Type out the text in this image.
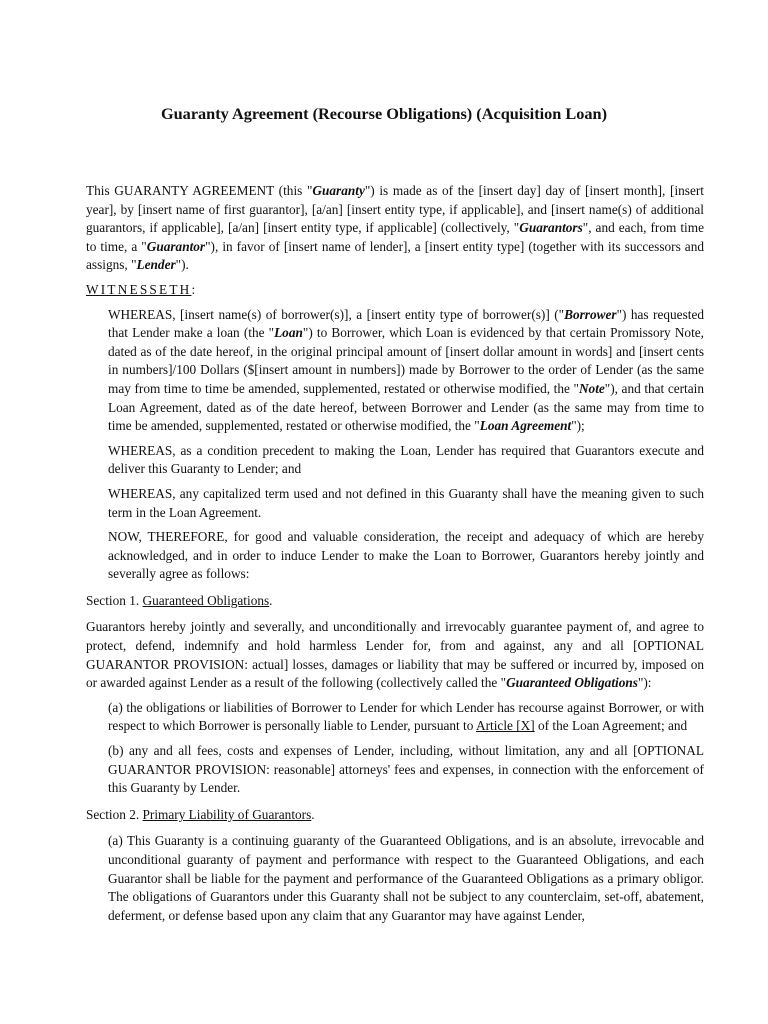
Guaranty Agreement (Recourse Obligations) (Acquisition Loan)

This GUARANTY AGREEMENT (this "Guaranty") is made as of the [insert day] day of [insert month], [insert year], by [insert name of first guarantor], [a/an] [insert entity type, if applicable], and [insert name(s) of additional guarantors, if applicable], [a/an] [insert entity type, if applicable] (collectively, "Guarantors", and each, from time to time, a "Guarantor"), in favor of [insert name of lender], a [insert entity type] (together with its successors and assigns, "Lender").

WITNESSETH:

WHEREAS, [insert name(s) of borrower(s)], a [insert entity type of borrower(s)] ("Borrower") has requested that Lender make a loan (the "Loan") to Borrower, which Loan is evidenced by that certain Promissory Note, dated as of the date hereof, in the original principal amount of [insert dollar amount in words] and [insert cents in numbers]/100 Dollars ($[insert amount in numbers]) made by Borrower to the order of Lender (as the same may from time to time be amended, supplemented, restated or otherwise modified, the "Note"), and that certain Loan Agreement, dated as of the date hereof, between Borrower and Lender (as the same may from time to time be amended, supplemented, restated or otherwise modified, the "Loan Agreement");

WHEREAS, as a condition precedent to making the Loan, Lender has required that Guarantors execute and deliver this Guaranty to Lender; and

WHEREAS, any capitalized term used and not defined in this Guaranty shall have the meaning given to such term in the Loan Agreement.

NOW, THEREFORE, for good and valuable consideration, the receipt and adequacy of which are hereby acknowledged, and in order to induce Lender to make the Loan to Borrower, Guarantors hereby jointly and severally agree as follows:

Section 1. Guaranteed Obligations.

Guarantors hereby jointly and severally, and unconditionally and irrevocably guarantee payment of, and agree to protect, defend, indemnify and hold harmless Lender for, from and against, any and all [OPTIONAL GUARANTOR PROVISION: actual] losses, damages or liability that may be suffered or incurred by, imposed on or awarded against Lender as a result of the following (collectively called the "Guaranteed Obligations"):

(a) the obligations or liabilities of Borrower to Lender for which Lender has recourse against Borrower, or with respect to which Borrower is personally liable to Lender, pursuant to Article [X] of the Loan Agreement; and

(b) any and all fees, costs and expenses of Lender, including, without limitation, any and all [OPTIONAL GUARANTOR PROVISION: reasonable] attorneys' fees and expenses, in connection with the enforcement of this Guaranty by Lender.

Section 2. Primary Liability of Guarantors.

(a) This Guaranty is a continuing guaranty of the Guaranteed Obligations, and is an absolute, irrevocable and unconditional guaranty of payment and performance with respect to the Guaranteed Obligations, and each Guarantor shall be liable for the payment and performance of the Guaranteed Obligations as a primary obligor. The obligations of Guarantors under this Guaranty shall not be subject to any counterclaim, set-off, abatement, deferment, or defense based upon any claim that any Guarantor may have against Lender,
